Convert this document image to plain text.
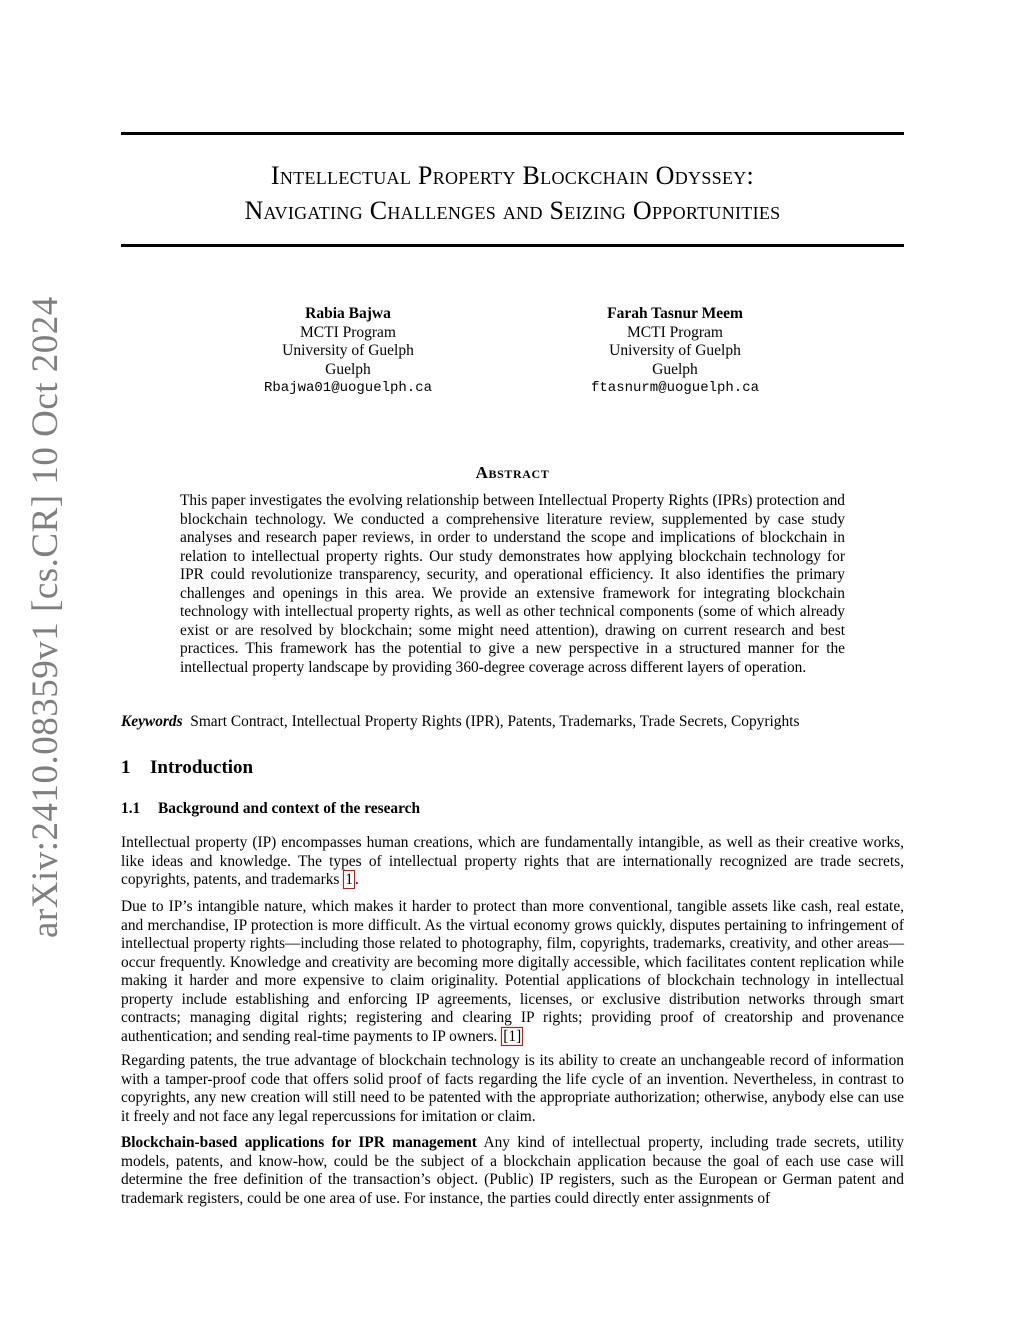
arXiv:2410.08359v1 [cs.CR] 10 Oct 2024
Intellectual Property Blockchain Odyssey:
Navigating Challenges and Seizing Opportunities
Rabia Bajwa
MCTI Program
University of Guelph
Guelph
Rbajwa01@uoguelph.ca
Farah Tasnur Meem
MCTI Program
University of Guelph
Guelph
ftasnurm@uoguelph.ca
Abstract
This paper investigates the evolving relationship between Intellectual Property Rights (IPRs) protection and blockchain technology. We conducted a comprehensive literature review, supplemented by case study analyses and research paper reviews, in order to understand the scope and implications of blockchain in relation to intellectual property rights. Our study demonstrates how applying blockchain technology for IPR could revolutionize transparency, security, and operational efficiency. It also identifies the primary challenges and openings in this area. We provide an extensive framework for integrating blockchain technology with intellectual property rights, as well as other technical components (some of which already exist or are resolved by blockchain; some might need attention), drawing on current research and best practices. This framework has the potential to give a new perspective in a structured manner for the intellectual property landscape by providing 360-degree coverage across different layers of operation.
Keywords Smart Contract, Intellectual Property Rights (IPR), Patents, Trademarks, Trade Secrets, Copyrights
1 Introduction
1.1 Background and context of the research
Intellectual property (IP) encompasses human creations, which are fundamentally intangible, as well as their creative works, like ideas and knowledge. The types of intellectual property rights that are internationally recognized are trade secrets, copyrights, patents, and trademarks 1 .
Due to IP’s intangible nature, which makes it harder to protect than more conventional, tangible assets like cash, real estate, and merchandise, IP protection is more difficult. As the virtual economy grows quickly, disputes pertaining to infringement of intellectual property rights—including those related to photography, film, copyrights, trademarks, creativity, and other areas—occur frequently. Knowledge and creativity are becoming more digitally accessible, which facilitates content replication while making it harder and more expensive to claim originality. Potential applications of blockchain technology in intellectual property include establishing and enforcing IP agreements, licenses, or exclusive distribution networks through smart contracts; managing digital rights; registering and clearing IP rights; providing proof of creatorship and provenance authentication; and sending real-time payments to IP owners. [1]
Regarding patents, the true advantage of blockchain technology is its ability to create an unchangeable record of information with a tamper-proof code that offers solid proof of facts regarding the life cycle of an invention. Nevertheless, in contrast to copyrights, any new creation will still need to be patented with the appropriate authorization; otherwise, anybody else can use it freely and not face any legal repercussions for imitation or claim.
Blockchain-based applications for IPR management Any kind of intellectual property, including trade secrets, utility models, patents, and know-how, could be the subject of a blockchain application because the goal of each use case will determine the free definition of the transaction’s object. (Public) IP registers, such as the European or German patent and trademark registers, could be one area of use. For instance, the parties could directly enter assignments of
